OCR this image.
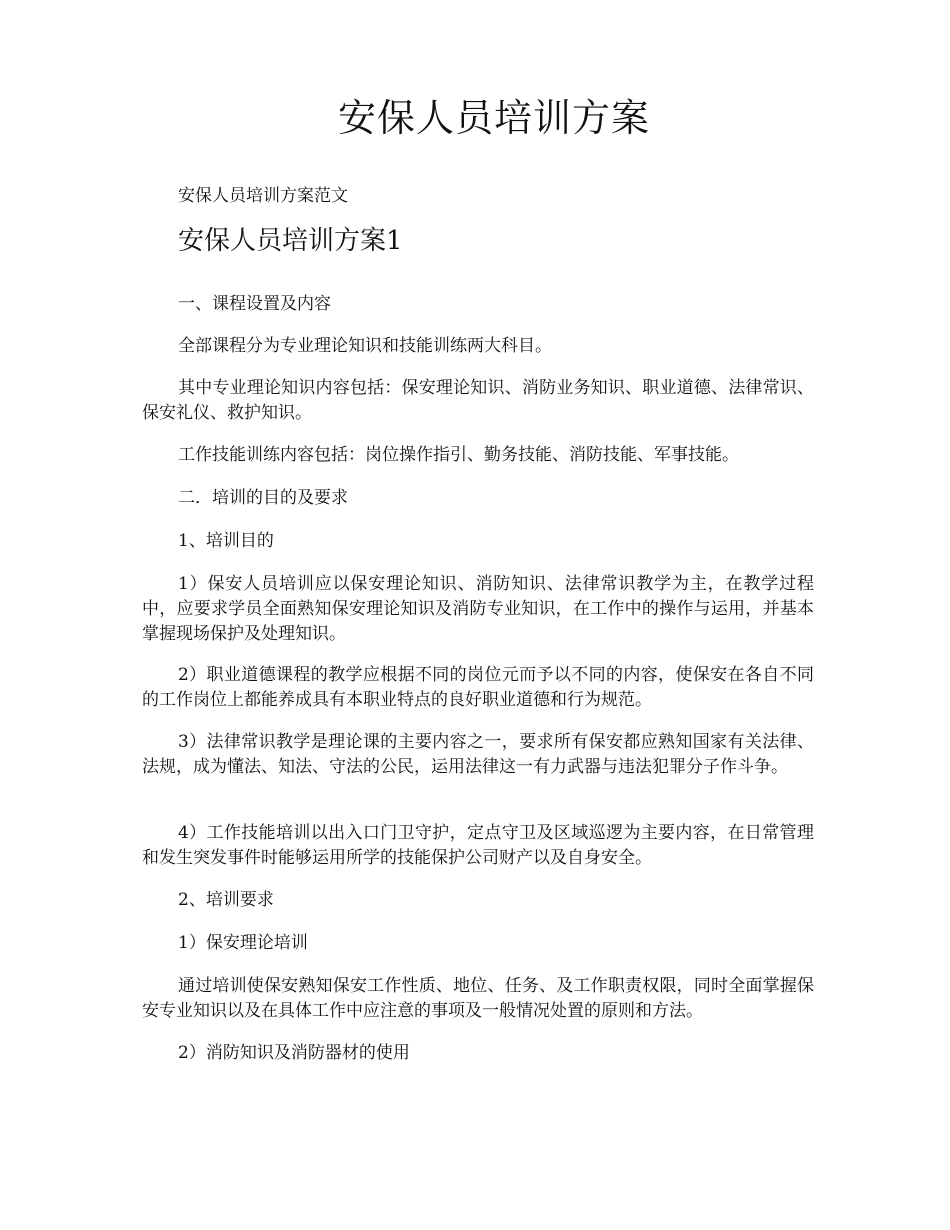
安保人员培训方案

安保人员培训方案范文

安保人员培训方案1

一、课程设置及内容

全部课程分为专业理论知识和技能训练两大科目。

其中专业理论知识内容包括：保安理论知识、消防业务知识、职业道德、法律常识、保安礼仪、救护知识。

工作技能训练内容包括：岗位操作指引、勤务技能、消防技能、军事技能。

二．培训的目的及要求

1、培训目的

1）保安人员培训应以保安理论知识、消防知识、法律常识教学为主，在教学过程中，应要求学员全面熟知保安理论知识及消防专业知识，在工作中的操作与运用，并基本掌握现场保护及处理知识。

2）职业道德课程的教学应根据不同的岗位元而予以不同的内容，使保安在各自不同的工作岗位上都能养成具有本职业特点的良好职业道德和行为规范。

3）法律常识教学是理论课的主要内容之一，要求所有保安都应熟知国家有关法律、法规，成为懂法、知法、守法的公民，运用法律这一有力武器与违法犯罪分子作斗争。

4）工作技能培训以出入口门卫守护，定点守卫及区域巡逻为主要内容，在日常管理和发生突发事件时能够运用所学的技能保护公司财产以及自身安全。

2、培训要求

1）保安理论培训

通过培训使保安熟知保安工作性质、地位、任务、及工作职责权限，同时全面掌握保安专业知识以及在具体工作中应注意的事项及一般情况处置的原则和方法。

2）消防知识及消防器材的使用
